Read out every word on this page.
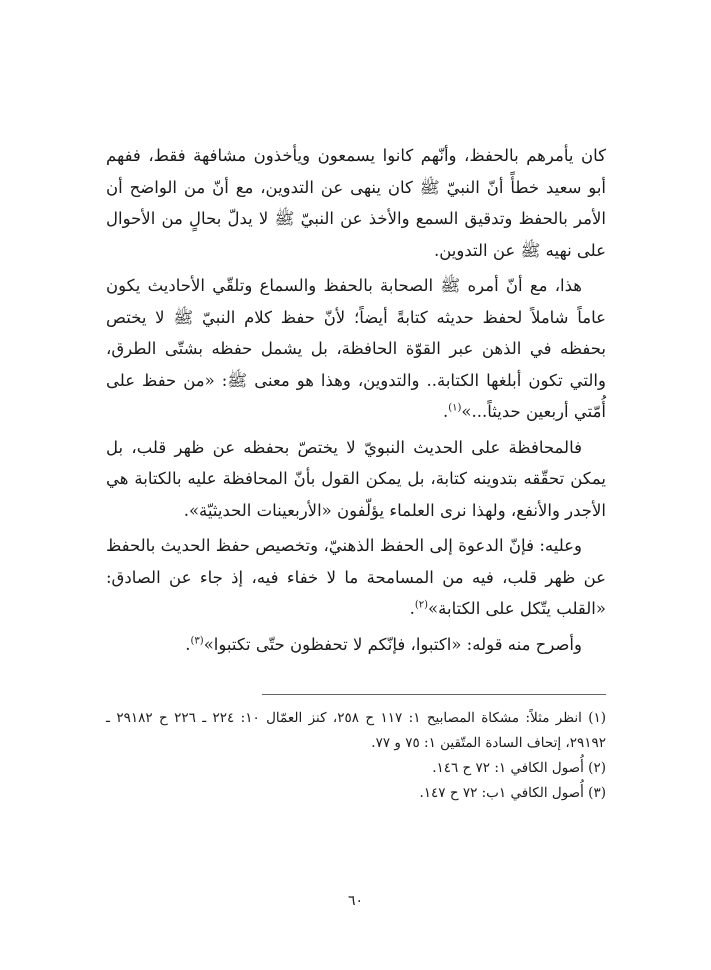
كان يأمرهم بالحفظ، وأنّهم كانوا يسمعون ويأخذون مشافهة فقط، ففهم أبو سعيد خطأً أنّ النبيّ ﷺ كان ينهى عن التدوين، مع أنّ من الواضح أن الأمر بالحفظ وتدقيق السمع والأخذ عن النبيّ ﷺ لا يدلّ بحالٍ من الأحوال على نهيه ﷺ عن التدوين.

هذا، مع أنّ أمره ﷺ الصحابة بالحفظ والسماع وتلقّي الأحاديث يكون عاماً شاملاً لحفظ حديثه كتابةً أيضاً؛ لأنّ حفظ كلام النبيّ ﷺ لا يختص بحفظه في الذهن عبر القوّة الحافظة، بل يشمل حفظه بشتّى الطرق، والتي تكون أبلغها الكتابة.. والتدوين، وهذا هو معنى ﷺ: «من حفظ على أُمّتي أربعين حديثاً...»$^{(١)}$.

فالمحافظة على الحديث النبويّ لا يختصّ بحفظه عن ظهر قلب، بل يمكن تحقّقه بتدوينه كتابة، بل يمكن القول بأنّ المحافظة عليه بالكتابة هي الأجدر والأنفع، ولهذا نرى العلماء يؤلّفون «الأربعينات الحديثيّة».

وعليه: فإنّ الدعوة إلى الحفظ الذهنيّ، وتخصيص حفظ الحديث بالحفظ عن ظهر قلب، فيه من المسامحة ما لا خفاء فيه، إذ جاء عن الصادق: «القلب يتّكل على الكتابة»$^{(٢)}$.

وأصرح منه قوله: «اكتبوا، فإنّكم لا تحفظون حتّى تكتبوا»$^{(٣)}$.

(١) انظر مثلاً: مشكاة المصابيح ١: ١١٧ ح ٢٥٨، كنز العمّال ١٠: ٢٢٤ ـ ٢٢٦ ح ٢٩١٨٢ ـ ٢٩١٩٢، إتحاف السادة المتّقين ١: ٧٥ و ٧٧.

(٢) أُصول الكافي ١: ٧٢ ح ١٤٦.

(٣) أُصول الكافي ١ب: ٧٢ ح ١٤٧.

٦٠
